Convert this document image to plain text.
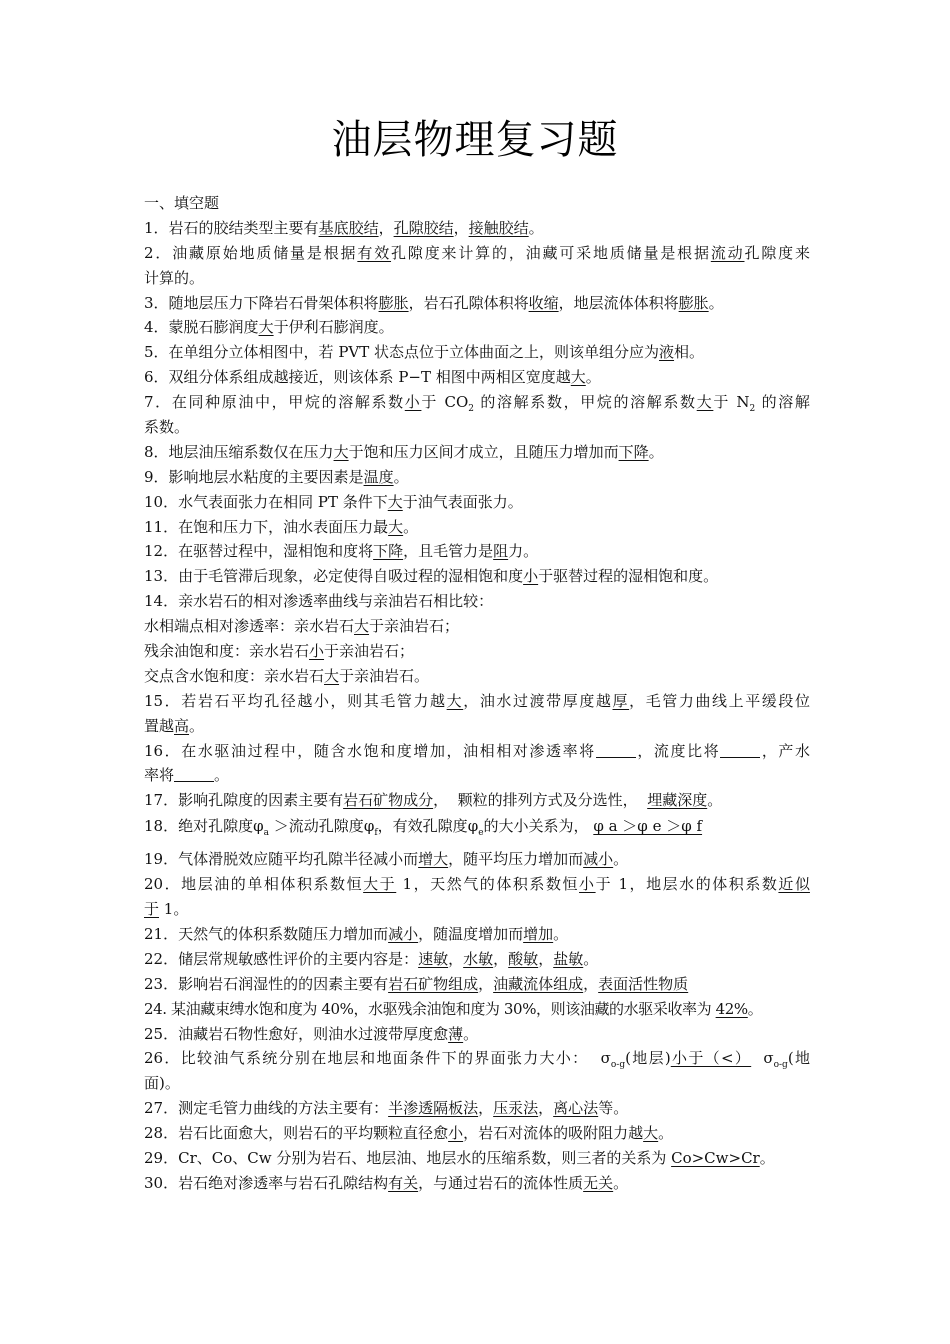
油层物理复习题
一、填空题
1．岩石的胶结类型主要有基底胶结，孔隙胶结，接触胶结。
2．油藏原始地质储量是根据有效孔隙度来计算的，油藏可采地质储量是根据流动孔隙度来
计算的。
3．随地层压力下降岩石骨架体积将膨胀，岩石孔隙体积将收缩，地层流体体积将膨胀。
4．蒙脱石膨润度大于伊利石膨润度。
5．在单组分立体相图中，若 PVT 状态点位于立体曲面之上，则该单组分应为液相。
6．双组分体系组成越接近，则该体系 P−T 相图中两相区宽度越大。
7．在同种原油中，甲烷的溶解系数小于 $CO_2$ 的溶解系数，甲烷的溶解系数大于 $N_2$ 的溶解
系数。
8．地层油压缩系数仅在压力大于饱和压力区间才成立，且随压力增加而下降。
9．影响地层水粘度的主要因素是温度。
10．水气表面张力在相同 PT 条件下大于油气表面张力。
11．在饱和压力下，油水表面压力最大。
12．在驱替过程中，湿相饱和度将下降，且毛管力是阻力。
13．由于毛管滞后现象，必定使得自吸过程的湿相饱和度小于驱替过程的湿相饱和度。
14．亲水岩石的相对渗透率曲线与亲油岩石相比较：
水相端点相对渗透率：亲水岩石大于亲油岩石；
残余油饱和度：亲水岩石小于亲油岩石；
交点含水饱和度：亲水岩石大于亲油岩石。
15．若岩石平均孔径越小，则其毛管力越大，油水过渡带厚度越厚，毛管力曲线上平缓段位
置越高。
16．在水驱油过程中，随含水饱和度增加，油相相对渗透率将	，流度比将	，产水
率将	。
17．影响孔隙度的因素主要有岩石矿物成分，  颗粒的排列方式及分选性，  埋藏深度。
18．绝对孔隙度$\varphi_a$ ＞流动孔隙度$\varphi_f$，有效孔隙度$\varphi_e$的大小关系为， φ a ＞φ e ＞φ f
19．气体滑脱效应随平均孔隙半径减小而增大，随平均压力增加而减小。
20．地层油的单相体积系数恒大于 1，天然气的体积系数恒小于 1，地层水的体积系数近似
于 1。
21．天然气的体积系数随压力增加而减小，随温度增加而增加。
22．储层常规敏感性评价的主要内容是：速敏，水敏，酸敏，盐敏。
23．影响岩石润湿性的的因素主要有岩石矿物组成，油藏流体组成，表面活性物质
24. 某油藏束缚水饱和度为 40%，水驱残余油饱和度为 30%，则该油藏的水驱采收率为 42%。
25．油藏岩石物性愈好，则油水过渡带厚度愈薄。
26．比较油气系统分别在地层和地面条件下的界面张力大小：  $\sigma_{o-g}$(地层)小于（<）  $\sigma_{o-g}$(地
面)。
27．测定毛管力曲线的方法主要有：半渗透隔板法，压汞法，离心法等。
28．岩石比面愈大，则岩石的平均颗粒直径愈小，岩石对流体的吸附阻力越大。
29．Cr、Co、Cw 分别为岩石、地层油、地层水的压缩系数，则三者的关系为 Co>Cw>Cr。
30．岩石绝对渗透率与岩石孔隙结构有关，与通过岩石的流体性质无关。
